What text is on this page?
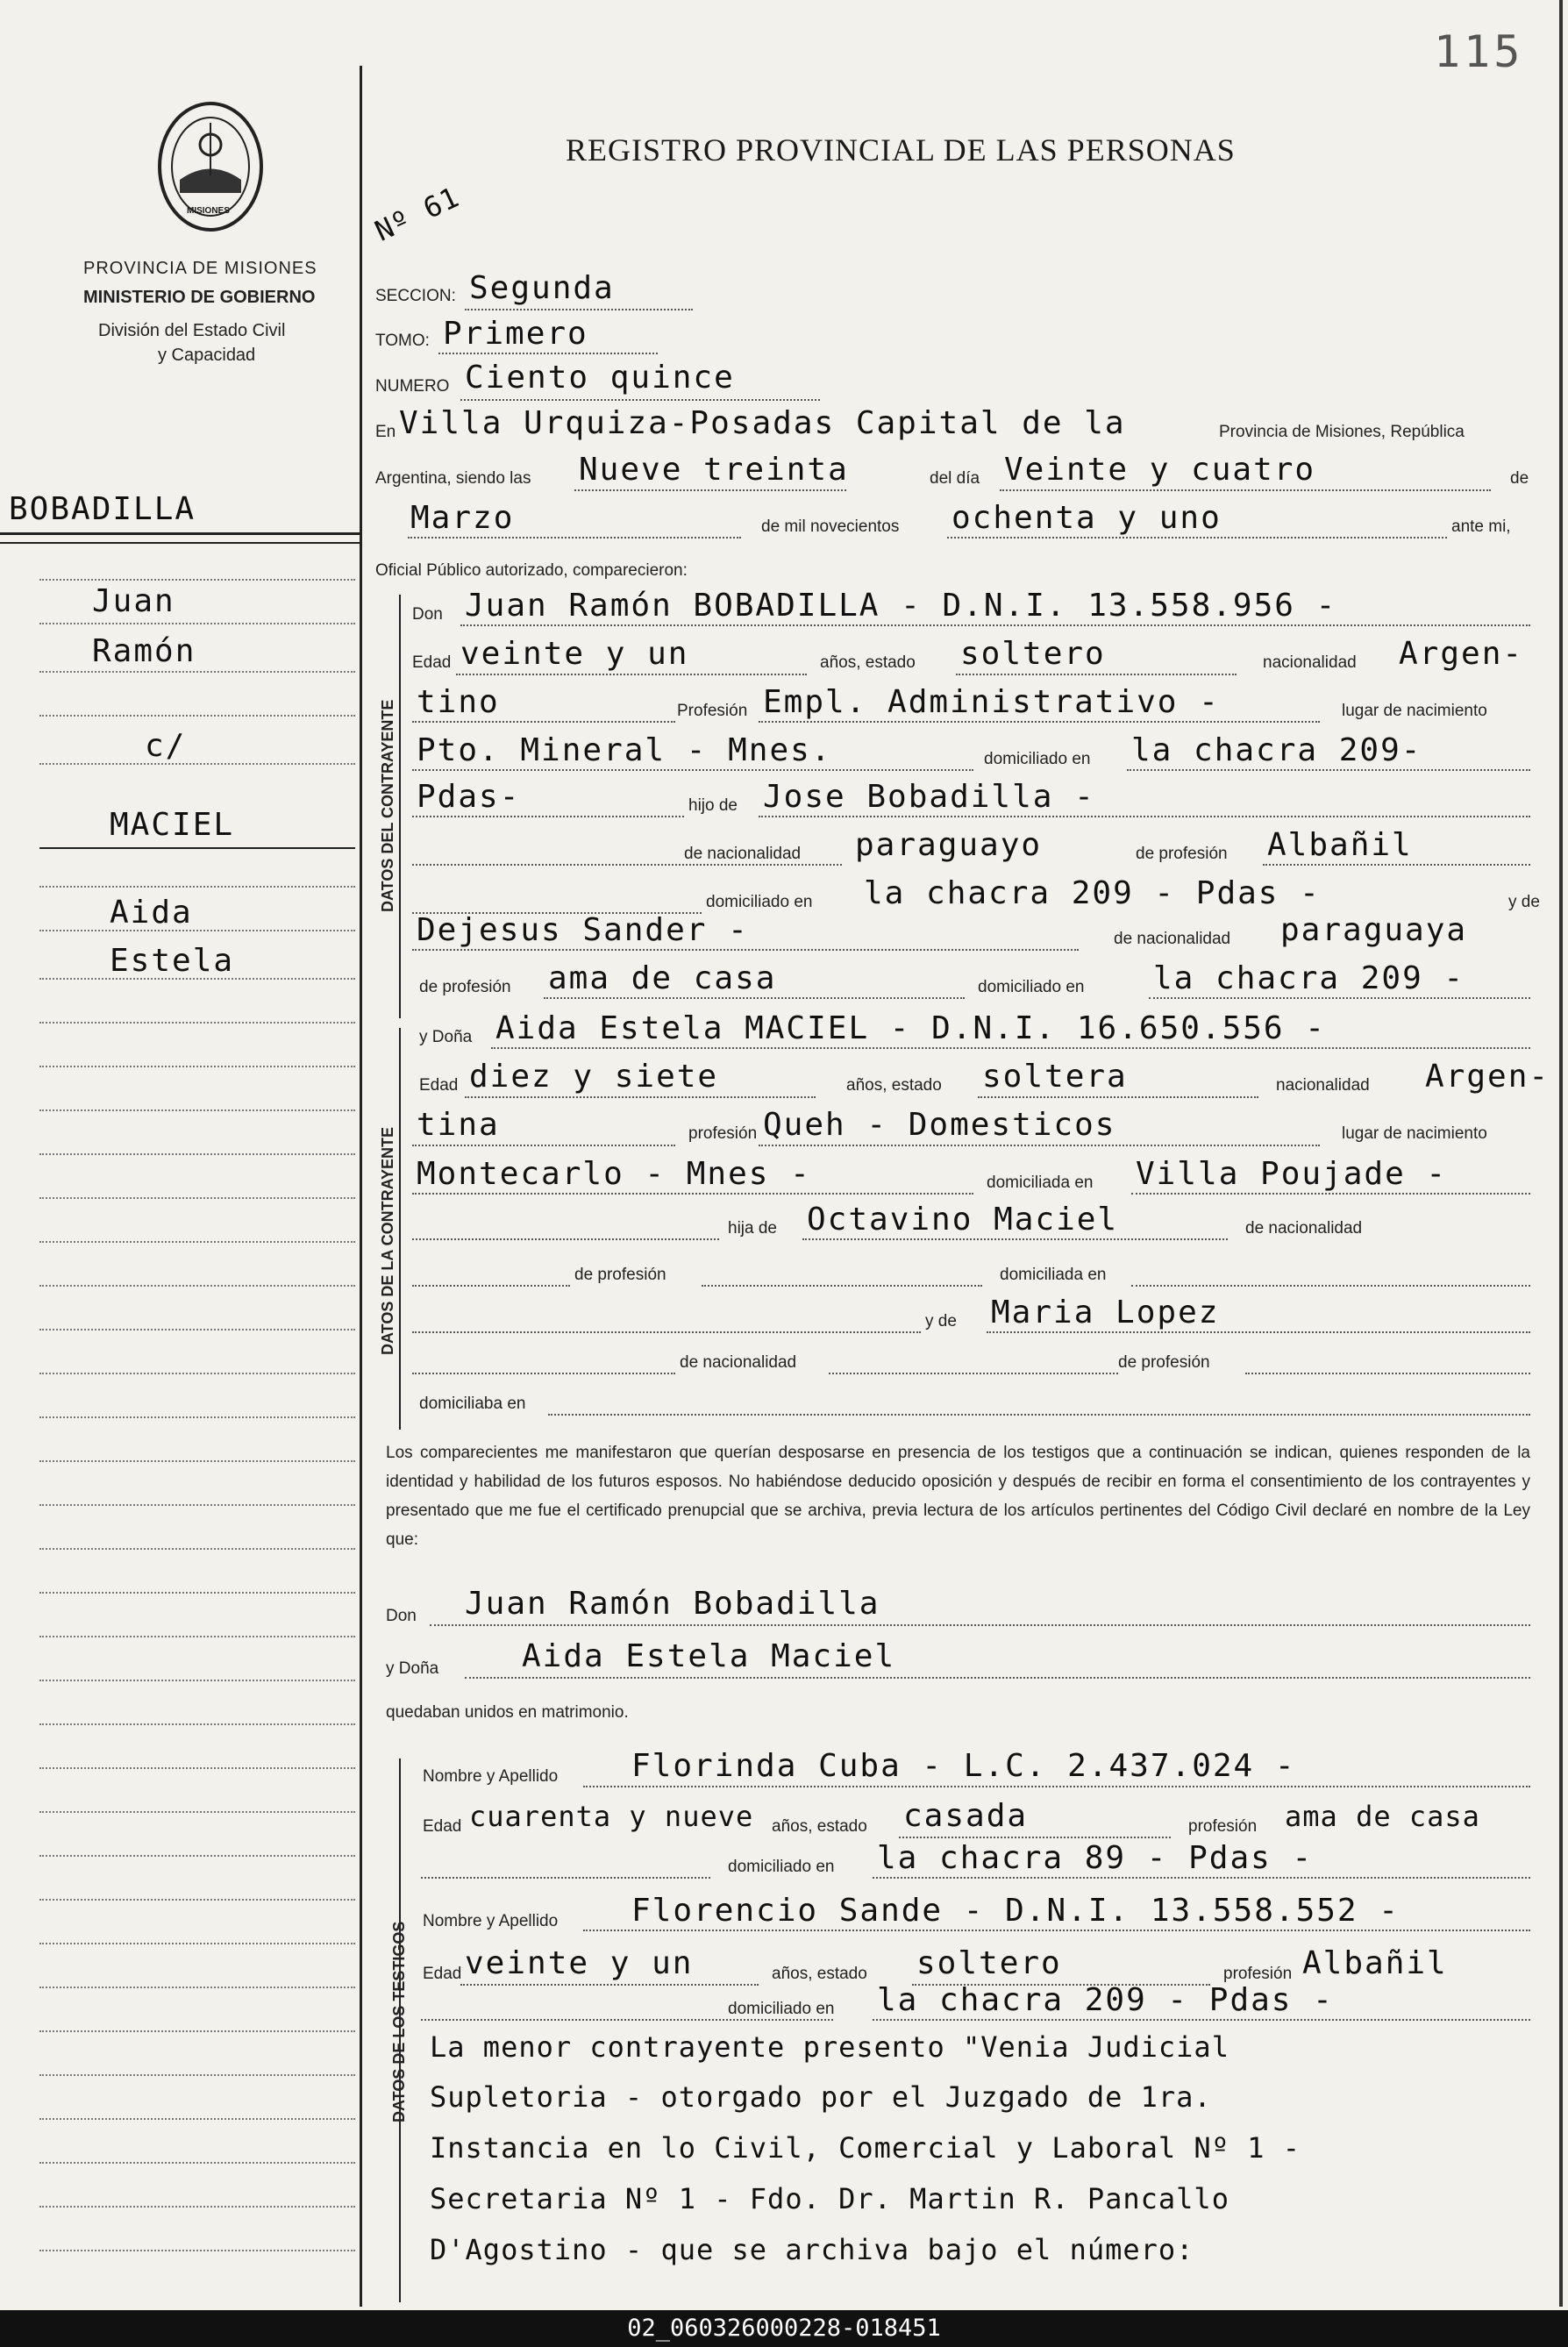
115
REGISTRO PROVINCIAL DE LAS PERSONAS
MISIONES
PROVINCIA DE MISIONES
MINISTERIO DE GOBIERNO
División del Estado Civil
y Capacidad
Nº 61
BOBADILLA
Juan
Ramón
c/
MACIEL
Aida
Estela
SECCION: Segunda
TOMO: Primero
NUMERO Ciento quince
En Villa Urquiza-Posadas Capital de la	Provincia de Misiones, República
Argentina, siendo las Nueve treinta	del día Veinte y cuatro	de
Marzo	de mil novecientos ochenta y uno	ante mi,
Oficial Público autorizado, comparecieron:
DATOS DEL CONTRAYENTE
Don Juan Ramón BOBADILLA - D.N.I. 13.558.956 -
Edad veinte y un	años, estado soltero	nacionalidad Argen-
tino	Profesión Empl. Administrativo -	lugar de nacimiento
Pto. Mineral - Mnes.	domiciliado en la chacra 209-
Pdas-	hijo de Jose Bobadilla -
de nacionalidad paraguayo	de profesión Albañil
domiciliado en la chacra 209 - Pdas -	y de
Dejesus Sander -	de nacionalidad paraguaya
de profesión ama de casa	domiciliado en la chacra 209 -
DATOS DE LA CONTRAYENTE
y Doña Aida Estela MACIEL - D.N.I. 16.650.556 -
Edad diez y siete	años, estado soltera	nacionalidad Argen-
tina	profesión Queh - Domesticos	lugar de nacimiento
Montecarlo - Mnes -	domiciliada en Villa Poujade -
hija de Octavino Maciel	de nacionalidad
de profesión	domiciliada en
y de Maria Lopez
de nacionalidad	de profesión
domiciliaba en
Los comparecientes me manifestaron que querían desposarse en presencia de los testigos que a continuación se indican, quienes responden de la identidad y habilidad de los futuros esposos. No habiéndose deducido oposición y después de recibir en forma el consentimiento de los contrayentes y presentado que me fue el certificado prenupcial que se archiva, previa lectura de los artículos pertinentes del Código Civil declaré en nombre de la Ley que:
Don Juan Ramón Bobadilla
y Doña	Aida Estela Maciel
quedaban unidos en matrimonio.
DATOS DE LOS TESTIGOS
Nombre y Apellido Florinda Cuba - L.C. 2.437.024 -
Edad cuarenta y nueve años, estado casada	profesión ama de casa
domiciliado en la chacra 89 - Pdas -
Nombre y Apellido Florencio Sande - D.N.I. 13.558.552 -
Edad veinte y un	años, estado soltero	profesión Albañil
domiciliado en la chacra 209 - Pdas -
La menor contrayente presento "Venia Judicial
Supletoria - otorgado por el Juzgado de 1ra.
Instancia en lo Civil, Comercial y Laboral Nº 1 -
Secretaria Nº 1 - Fdo. Dr. Martin R. Pancallo
D'Agostino - que se archiva bajo el número:
02_060326000228-018451
